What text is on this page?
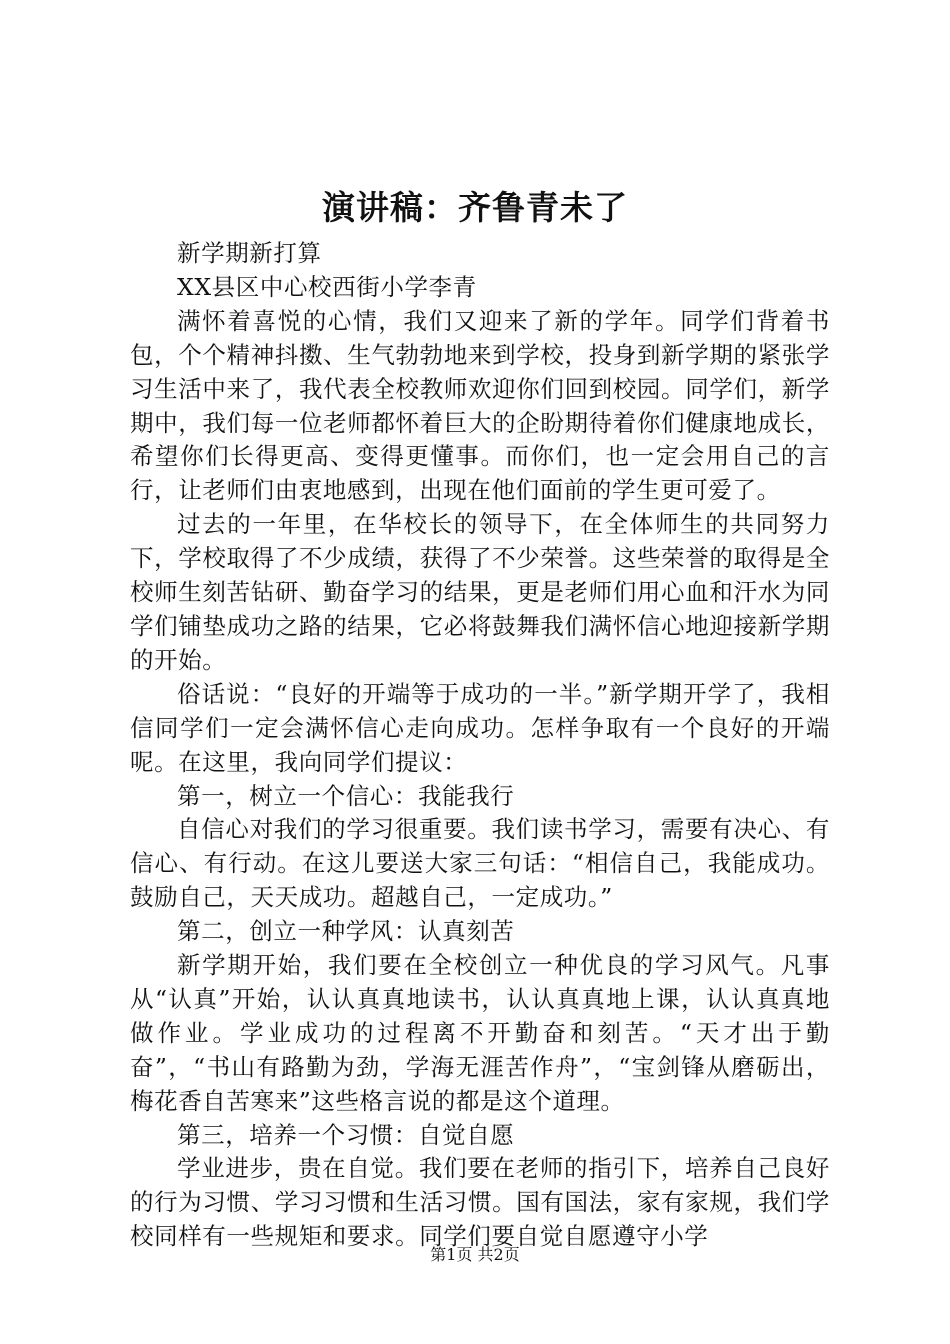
演讲稿：齐鲁青未了

新学期新打算

XX县区中心校西街小学李青

满怀着喜悦的心情，我们又迎来了新的学年。同学们背着书包，个个精神抖擞、生气勃勃地来到学校，投身到新学期的紧张学习生活中来了，我代表全校教师欢迎你们回到校园。同学们，新学期中，我们每一位老师都怀着巨大的企盼期待着你们健康地成长，希望你们长得更高、变得更懂事。而你们，也一定会用自己的言行，让老师们由衷地感到，出现在他们面前的学生更可爱了。

过去的一年里，在华校长的领导下，在全体师生的共同努力下，学校取得了不少成绩，获得了不少荣誉。这些荣誉的取得是全校师生刻苦钻研、勤奋学习的结果，更是老师们用心血和汗水为同学们铺垫成功之路的结果，它必将鼓舞我们满怀信心地迎接新学期的开始。

俗话说：“良好的开端等于成功的一半。”新学期开学了，我相信同学们一定会满怀信心走向成功。怎样争取有一个良好的开端呢。在这里，我向同学们提议：

第一，树立一个信心：我能我行

自信心对我们的学习很重要。我们读书学习，需要有决心、有信心、有行动。在这儿要送大家三句话：“相信自己，我能成功。鼓励自己，天天成功。超越自己，一定成功。”

第二，创立一种学风：认真刻苦

新学期开始，我们要在全校创立一种优良的学习风气。凡事从“认真”开始，认认真真地读书，认认真真地上课，认认真真地做作业。学业成功的过程离不开勤奋和刻苦。“天才出于勤奋”，“书山有路勤为劲，学海无涯苦作舟”，“宝剑锋从磨砺出，梅花香自苦寒来”这些格言说的都是这个道理。

第三，培养一个习惯：自觉自愿

学业进步，贵在自觉。我们要在老师的指引下，培养自己良好的行为习惯、学习习惯和生活习惯。国有国法，家有家规，我们学校同样有一些规矩和要求。同学们要自觉自愿遵守小学

第1页 共2页
